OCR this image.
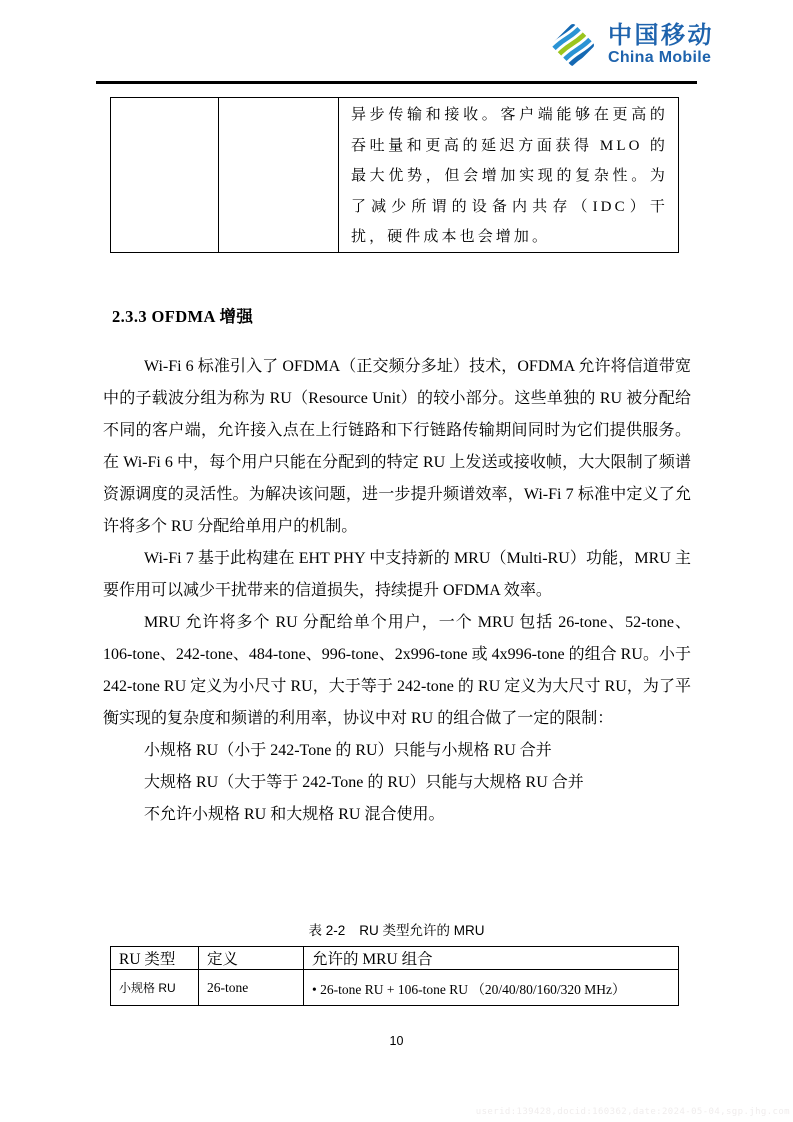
中国移动
China Mobile
异步传输和接收。客户端能够在更高的吞吐量和更高的延迟方面获得 MLO 的最大优势，但会增加实现的复杂性。为了减少所谓的设备内共存（IDC）干扰，硬件成本也会增加。
2.3.3 OFDMA 增强

Wi-Fi 6 标准引入了 OFDMA（正交频分多址）技术，OFDMA 允许将信道带宽中的子载波分组为称为 RU（Resource Unit）的较小部分。这些单独的 RU 被分配给不同的客户端，允许接入点在上行链路和下行链路传输期间同时为它们提供服务。在 Wi-Fi 6 中，每个用户只能在分配到的特定 RU 上发送或接收帧，大大限制了频谱资源调度的灵活性。为解决该问题，进一步提升频谱效率，Wi-Fi 7 标准中定义了允许将多个 RU 分配给单用户的机制。

Wi-Fi 7 基于此构建在 EHT PHY 中支持新的 MRU（Multi-RU）功能，MRU 主要作用可以减少干扰带来的信道损失，持续提升 OFDMA 效率。

MRU 允许将多个 RU 分配给单个用户，一个 MRU 包括 26-tone、52-tone、106-tone、242-tone、484-tone、996-tone、2x996-tone 或 4x996-tone 的组合 RU。小于 242-tone RU 定义为小尺寸 RU，大于等于 242-tone 的 RU 定义为大尺寸 RU，为了平衡实现的复杂度和频谱的利用率，协议中对 RU 的组合做了一定的限制：

小规格 RU（小于 242-Tone 的 RU）只能与小规格 RU 合并

大规格 RU（大于等于 242-Tone 的 RU）只能与大规格 RU 合并

不允许小规格 RU 和大规格 RU 混合使用。

表 2-2 RU 类型允许的 MRU
RU 类型	定义	允许的 MRU 组合
小规格 RU	26-tone	• 26-tone RU + 106-tone RU （20/40/80/160/320 MHz）
10
userid:139428,docid:160362,date:2024-05-04,sgp.jhg.com
